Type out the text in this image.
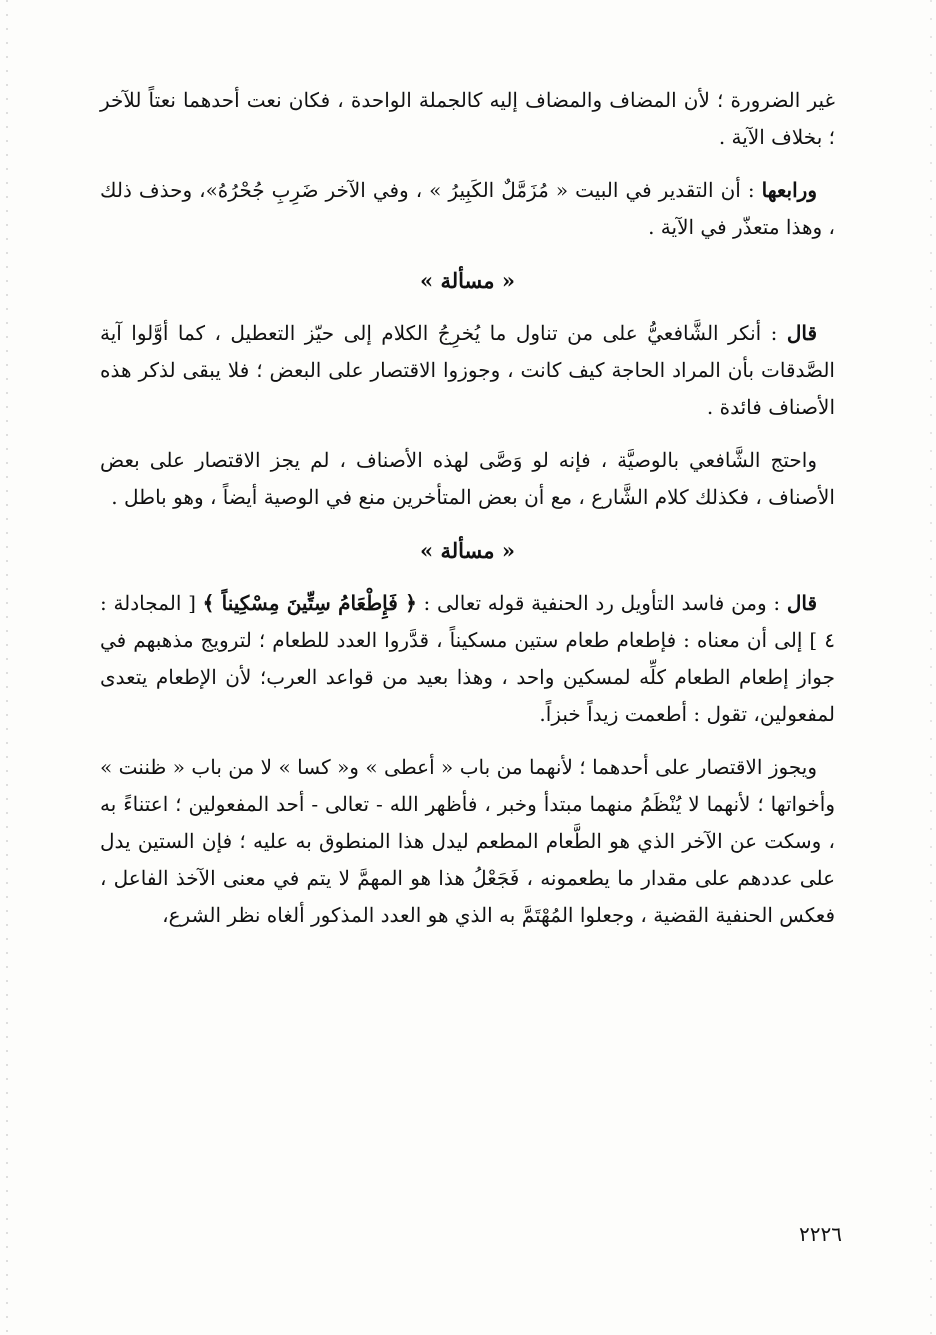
غير الضرورة ؛ لأن المضاف والمضاف إليه كالجملة الواحدة ، فكان نعت أحدهما نعتاً للآخر ؛ بخلاف الآية .

ورابعها : أن التقدير في البيت « مُزَمَّلٌ الكَبِيرُ » ، وفي الآخر ضَرِبِ جُحْرُهُ»، وحذف ذلك ، وهذا متعذّر في الآية .

« مسألة »

قال : أنكر الشَّافعيُّ على من تناول ما يُخرِجُ الكلام إلى حيّز التعطيل ، كما أوَّلوا آية الصَّدقات بأن المراد الحاجة كيف كانت ، وجوزوا الاقتصار على البعض ؛ فلا يبقى لذكر هذه الأصناف فائدة .

واحتج الشَّافعي بالوصيَّة ، فإنه لو وَصَّى لهذه الأصناف ، لم يجز الاقتصار على بعض الأصناف ، فكذلك كلام الشَّارع ، مع أن بعض المتأخرين منع في الوصية أيضاً ، وهو باطل .

« مسألة »

قال : ومن فاسد التأويل رد الحنفية قوله تعالى : ﴿ فَإِطْعَامُ سِتِّينَ مِسْكِيناً ﴾ [ المجادلة : ٤ ] إلى أن معناه : فإطعام طعام ستين مسكيناً ، قدَّروا العدد للطعام ؛ لترويج مذهبهم في جواز إطعام الطعام كلِّه لمسكين واحد ، وهذا بعيد من قواعد العرب؛ لأن الإطعام يتعدى لمفعولين، تقول : أطعمت زيداً خبزاً.

ويجوز الاقتصار على أحدهما ؛ لأنهما من باب « أعطى » و« كسا » لا من باب « ظننت » وأخواتها ؛ لأنهما لا يُنْظَمُ منهما مبتدأ وخبر ، فأظهر الله - تعالى - أحد المفعولين ؛ اعتناءً به ، وسكت عن الآخر الذي هو الطَّعام المطعم ليدل هذا المنطوق به عليه ؛ فإن الستين يدل على عددهم على مقدار ما يطعمونه ، فَجَعْلُ هذا هو المهمَّ لا يتم في معنى الآخذ الفاعل ، فعكس الحنفية القضية ، وجعلوا المُهْتَمَّ به الذي هو العدد المذكور ألغاه نظر الشرع،

٢٢٢٦
